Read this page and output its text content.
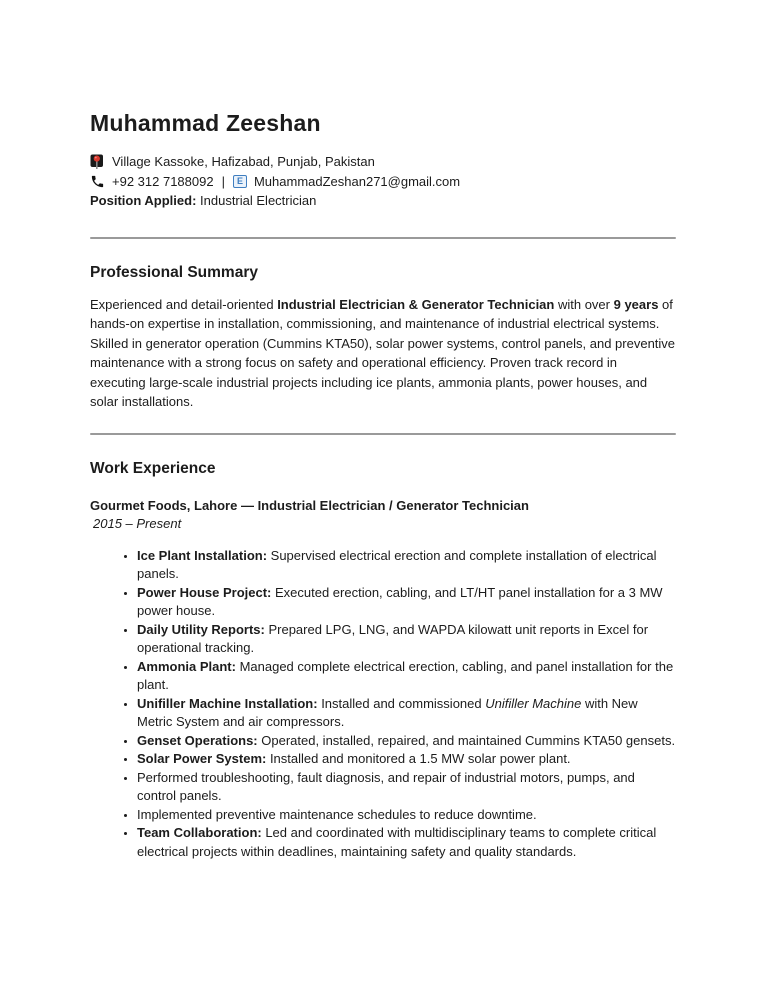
Muhammad Zeeshan
Village Kassoke, Hafizabad, Punjab, Pakistan
+92 312 7188092 |	E MuhammadZeshan271@gmail.com
Position Applied: Industrial Electrician
Professional Summary

Experienced and detail-oriented Industrial Electrician & Generator Technician with over 9 years of hands-on expertise in installation, commissioning, and maintenance of industrial electrical systems. Skilled in generator operation (Cummins KTA50), solar power systems, control panels, and preventive maintenance with a strong focus on safety and operational efficiency. Proven track record in executing large-scale industrial projects including ice plants, ammonia plants, power houses, and solar installations.

Work Experience
Gourmet Foods, Lahore — Industrial Electrician / Generator Technician
2015 – Present
• Ice Plant Installation: Supervised electrical erection and complete installation of electrical panels.
• Power House Project: Executed erection, cabling, and LT/HT panel installation for a 3 MW power house.
• Daily Utility Reports: Prepared LPG, LNG, and WAPDA kilowatt unit reports in Excel for operational tracking.
• Ammonia Plant: Managed complete electrical erection, cabling, and panel installation for the plant.
• Unifiller Machine Installation: Installed and commissioned Unifiller Machine with New Metric System and air compressors.
• Genset Operations: Operated, installed, repaired, and maintained Cummins KTA50 gensets.
• Solar Power System: Installed and monitored a 1.5 MW solar power plant.
• Performed troubleshooting, fault diagnosis, and repair of industrial motors, pumps, and control panels.
• Implemented preventive maintenance schedules to reduce downtime.
• Team Collaboration: Led and coordinated with multidisciplinary teams to complete critical electrical projects within deadlines, maintaining safety and quality standards.
